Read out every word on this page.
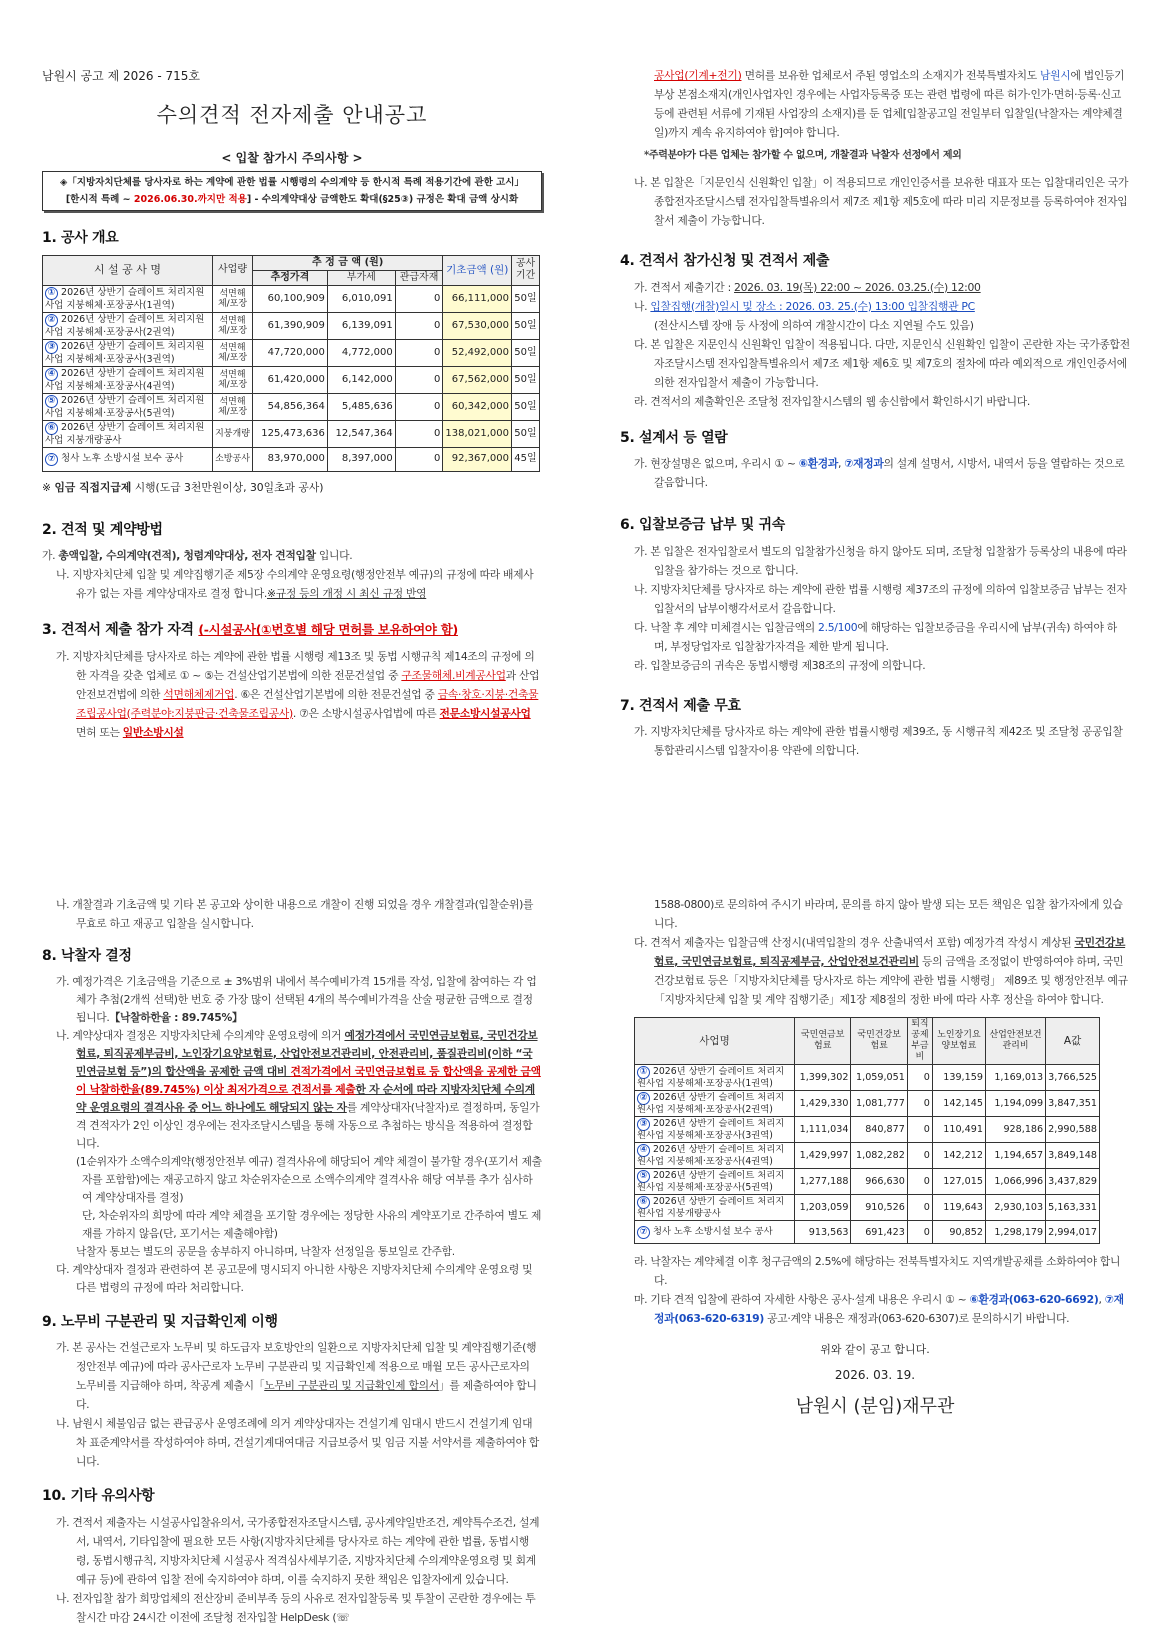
남원시 공고 제 2026 - 715호
수의견적 전자제출 안내공고
< 입찰 참가시 주의사항 >
◈「지방자치단체를 당사자로 하는 계약에 관한 법률 시행령의 수의계약 등 한시적 특례 적용기간에 관한 고시」
[한시적 특례 ~ 2026.06.30.까지만 적용] - 수의계약대상 금액한도 확대(§25③) 규정은 확대 금액 상시화
1. 공사 개요
시 설 공 사 명	사업량	추 정 금 액 (원)			기초금액 (원)	공사 기간
		추정가격	부가세	관급자재		
① 2026년 상반기 슬레이트 처리지원사업 지붕해체·포장공사(1권역)	석면해체/포장	60,100,909	6,010,091	0	66,111,000	50일
② 2026년 상반기 슬레이트 처리지원사업 지붕해체·포장공사(2권역)	석면해체/포장	61,390,909	6,139,091	0	67,530,000	50일
③ 2026년 상반기 슬레이트 처리지원사업 지붕해체·포장공사(3권역)	석면해체/포장	47,720,000	4,772,000	0	52,492,000	50일
④ 2026년 상반기 슬레이트 처리지원사업 지붕해체·포장공사(4권역)	석면해체/포장	61,420,000	6,142,000	0	67,562,000	50일
⑤ 2026년 상반기 슬레이트 처리지원사업 지붕해체·포장공사(5권역)	석면해체/포장	54,856,364	5,485,636	0	60,342,000	50일
⑥ 2026년 상반기 슬레이트 처리지원사업 지붕개량공사	지붕개량	125,473,636	12,547,364	0	138,021,000	50일
⑦ 청사 노후 소방시설 보수 공사	소방공사	83,970,000	8,397,000	0	92,367,000	45일
※ 임금 직접지급제 시행(도급 3천만원이상, 30일초과 공사)
2. 견적 및 계약방법
가. 총액입찰, 수의계약(견적), 청렴계약대상, 전자 견적입찰 입니다.
나. 지방자치단체 입찰 및 계약집행기준 제5장 수의계약 운영요령(행정안전부 예규)의 규정에 따라 배제사유가 없는 자를 계약상대자로 결정 합니다.※규정 등의 개정 시 최신 규정 반영
3. 견적서 제출 참가 자격 (-시설공사(①번호별 해당 면허를 보유하여야 함)
가. 지방자치단체를 당사자로 하는 계약에 관한 법률 시행령 제13조 및 동법 시행규칙 제14조의 규정에 의한 자격을 갖춘 업체로 ① ~ ⑤는 건설산업기본법에 의한 전문건설업 중 구조물해체.비계공사업과 산업안전보건법에 의한 석면해체제거업. ⑥은 건설산업기본법에 의한 전문건설업 중 금속·창호·지붕·건축물조립공사업(주력분야:지붕판금·건축물조립공사). ⑦은 소방시설공사업법에 따른 전문소방시설공사업 면허 또는 일반소방시설
공사업(기계+전기) 면허를 보유한 업체로서 주된 영업소의 소재지가 전북특별자치도 남원시에 법인등기부상 본점소재지(개인사업자인 경우에는 사업자등록증 또는 관련 법령에 따른 허가·인가·면허·등록·신고 등에 관련된 서류에 기재된 사업장의 소재지)를 둔 업체[입찰공고일 전일부터 입찰일(낙찰자는 계약체결일)까지 계속 유지하여야 함]여야 합니다.
*주력분야가 다른 업체는 참가할 수 없으며, 개찰결과 낙찰자 선정에서 제외
나. 본 입찰은「지문인식 신원확인 입찰」이 적용되므로 개인인증서를 보유한 대표자 또는 입찰대리인은 국가종합전자조달시스템 전자입찰특별유의서 제7조 제1항 제5호에 따라 미리 지문정보를 등록하여야 전자입찰서 제출이 가능합니다.
4. 견적서 참가신청 및 견적서 제출
가. 견적서 제출기간 : 2026. 03. 19(목) 22:00 ~ 2026. 03.25.(수) 12:00
나. 입찰집행(개찰)일시 및 장소 : 2026. 03. 25.(수) 13:00 입찰집행관 PC
(전산시스템 장애 등 사정에 의하여 개찰시간이 다소 지연될 수도 있음)
다. 본 입찰은 지문인식 신원확인 입찰이 적용됩니다. 다만, 지문인식 신원확인 입찰이 곤란한 자는 국가종합전자조달시스템 전자입찰특별유의서 제7조 제1항 제6호 및 제7호의 절차에 따라 예외적으로 개인인증서에 의한 전자입찰서 제출이 가능합니다.
라. 견적서의 제출확인은 조달청 전자입찰시스템의 웹 송신함에서 확인하시기 바랍니다.
5. 설계서 등 열람
가. 현장설명은 없으며, 우리시 ① ~ ⑥환경과, ⑦재정과의 설계 설명서, 시방서, 내역서 등을 열람하는 것으로 갈음합니다.
6. 입찰보증금 납부 및 귀속
가. 본 입찰은 전자입찰로서 별도의 입찰참가신청을 하지 않아도 되며, 조달청 입찰참가 등록상의 내용에 따라 입찰을 참가하는 것으로 합니다.
나. 지방자치단체를 당사자로 하는 계약에 관한 법률 시행령 제37조의 규정에 의하여 입찰보증금 납부는 전자입찰서의 납부이행각서로서 갈음합니다.
다. 낙찰 후 계약 미체결시는 입찰금액의 2.5/100에 해당하는 입찰보증금을 우리시에 납부(귀속) 하여야 하며, 부정당업자로 입찰참가자격을 제한 받게 됩니다.
라. 입찰보증금의 귀속은 동법시행령 제38조의 규정에 의합니다.
7. 견적서 제출 무효
가. 지방자치단체를 당사자로 하는 계약에 관한 법률시행령 제39조, 동 시행규칙 제42조 및 조달청 공공입찰 통합관리시스템 입찰자이용 약관에 의합니다.
나. 개찰결과 기초금액 및 기타 본 공고와 상이한 내용으로 개찰이 진행 되었을 경우 개찰결과(입찰순위)를 무효로 하고 재공고 입찰을 실시합니다.
8. 낙찰자 결정
가. 예정가격은 기초금액을 기준으로 ± 3%범위 내에서 복수예비가격 15개를 작성, 입찰에 참여하는 각 업체가 추첨(2개씩 선택)한 번호 중 가장 많이 선택된 4개의 복수예비가격을 산술 평균한 금액으로 결정됩니다.【낙찰하한율 : 89.745%】
나. 계약상대자 결정은 지방자치단체 수의계약 운영요령에 의거 예정가격에서 국민연금보험료, 국민건강보험료, 퇴직공제부금비, 노인장기요양보험료, 산업안전보건관리비, 안전관리비, 품질관리비(이하 “국민연금보험 등”)의 합산액을 공제한 금액 대비 견적가격에서 국민연금보험료 등 합산액을 공제한 금액이 낙찰하한율(89.745%) 이상 최저가격으로 견적서를 제출한 자 순서에 따라 지방자치단체 수의계약 운영요령의 결격사유 중 어느 하나에도 해당되지 않는 자를 계약상대자(낙찰자)로 결정하며, 동일가격 견적자가 2인 이상인 경우에는 전자조달시스템을 통해 자동으로 추첨하는 방식을 적용하여 결정합니다.
(1순위자가 소액수의계약(행정안전부 예규) 결격사유에 해당되어 계약 체결이 불가할 경우(포기서 제출자를 포함함)에는 재공고하지 않고 차순위자순으로 소액수의계약 결격사유 해당 여부를 추가 심사하여 계약상대자를 결정)
단, 차순위자의 희망에 따라 계약 체결을 포기할 경우에는 정당한 사유의 계약포기로 간주하여 별도 제재를 가하지 않음(단, 포기서는 제출해야함)
낙찰자 통보는 별도의 공문을 송부하지 아니하며, 낙찰자 선정일을 통보일로 간주함.
다. 계약상대자 결정과 관련하여 본 공고문에 명시되지 아니한 사항은 지방자치단체 수의계약 운영요령 및 다른 법령의 규정에 따라 처리합니다.
9. 노무비 구분관리 및 지급확인제 이행
가. 본 공사는 건설근로자 노무비 및 하도급자 보호방안의 일환으로 지방자치단체 입찰 및 계약집행기준(행정안전부 예규)에 따라 공사근로자 노무비 구분관리 및 지급확인제 적용으로 매월 모든 공사근로자의 노무비를 지급해야 하며, 착공계 제출시「노무비 구분관리 및 지급확인제 합의서」를 제출하여야 합니다.
나. 남원시 체불임금 없는 관급공사 운영조례에 의거 계약상대자는 건설기계 임대시 반드시 건설기계 임대차 표준계약서를 작성하여야 하며, 건설기계대여대금 지급보증서 및 임금 지불 서약서를 제출하여야 합니다.
10. 기타 유의사항
가. 견적서 제출자는 시설공사입찰유의서, 국가종합전자조달시스템, 공사계약일반조건, 계약특수조건, 설계서, 내역서, 기타입찰에 필요한 모든 사항(지방자치단체를 당사자로 하는 계약에 관한 법률, 동법시행령, 동법시행규칙, 지방자치단체 시설공사 적격심사세부기준, 지방자치단체 수의계약운영요령 및 회계예규 등)에 관하여 입찰 전에 숙지하여야 하며, 이를 숙지하지 못한 책임은 입찰자에게 있습니다.
나. 전자입찰 참가 희망업체의 전산장비 준비부족 등의 사유로 전자입찰등록 및 투찰이 곤란한 경우에는 투찰시간 마감 24시간 이전에 조달청 전자입찰 HelpDesk (☏
1588-0800)로 문의하여 주시기 바라며, 문의를 하지 않아 발생 되는 모든 책임은 입찰 참가자에게 있습니다.
다. 견적서 제출자는 입찰금액 산정시(내역입찰의 경우 산출내역서 포함) 예정가격 작성시 계상된 국민건강보험료, 국민연금보험료, 퇴직공제부금, 산업안전보건관리비 등의 금액을 조정없이 반영하여야 하며, 국민건강보험료 등은「지방자치단체를 당사자로 하는 계약에 관한 법률 시행령」 제89조 및 행정안전부 예규「지방자치단체 입찰 및 계약 집행기준」제1장 제8절의 정한 바에 따라 사후 정산을 하여야 합니다.
사업명	국민연금보험료	국민건강보험료	퇴직공제부금비	노인장기요양보험료	산업안전보건관리비	A값
① 2026년 상반기 슬레이트 처리지원사업 지붕해체·포장공사(1권역)	1,399,302	1,059,051	0	139,159	1,169,013	3,766,525
② 2026년 상반기 슬레이트 처리지원사업 지붕해체·포장공사(2권역)	1,429,330	1,081,777	0	142,145	1,194,099	3,847,351
③ 2026년 상반기 슬레이트 처리지원사업 지붕해체·포장공사(3권역)	1,111,034	840,877	0	110,491	928,186	2,990,588
④ 2026년 상반기 슬레이트 처리지원사업 지붕해체·포장공사(4권역)	1,429,997	1,082,282	0	142,212	1,194,657	3,849,148
⑤ 2026년 상반기 슬레이트 처리지원사업 지붕해체·포장공사(5권역)	1,277,188	966,630	0	127,015	1,066,996	3,437,829
⑥ 2026년 상반기 슬레이트 처리지원사업 지붕개량공사	1,203,059	910,526	0	119,643	2,930,103	5,163,331
⑦ 청사 노후 소방시설 보수 공사	913,563	691,423	0	90,852	1,298,179	2,994,017
라. 낙찰자는 계약체결 이후 청구금액의 2.5%에 해당하는 전북특별자치도 지역개발공채를 소화하여야 합니다.
마. 기타 견적 입찰에 관하여 자세한 사항은 공사·설계 내용은 우리시 ① ~ ⑥환경과(063-620-6692), ⑦재정과(063-620-6319) 공고·계약 내용은 재정과(063-620-6307)로 문의하시기 바랍니다.
위와 같이 공고 합니다.
2026. 03. 19.
남원시 (분임)재무관
